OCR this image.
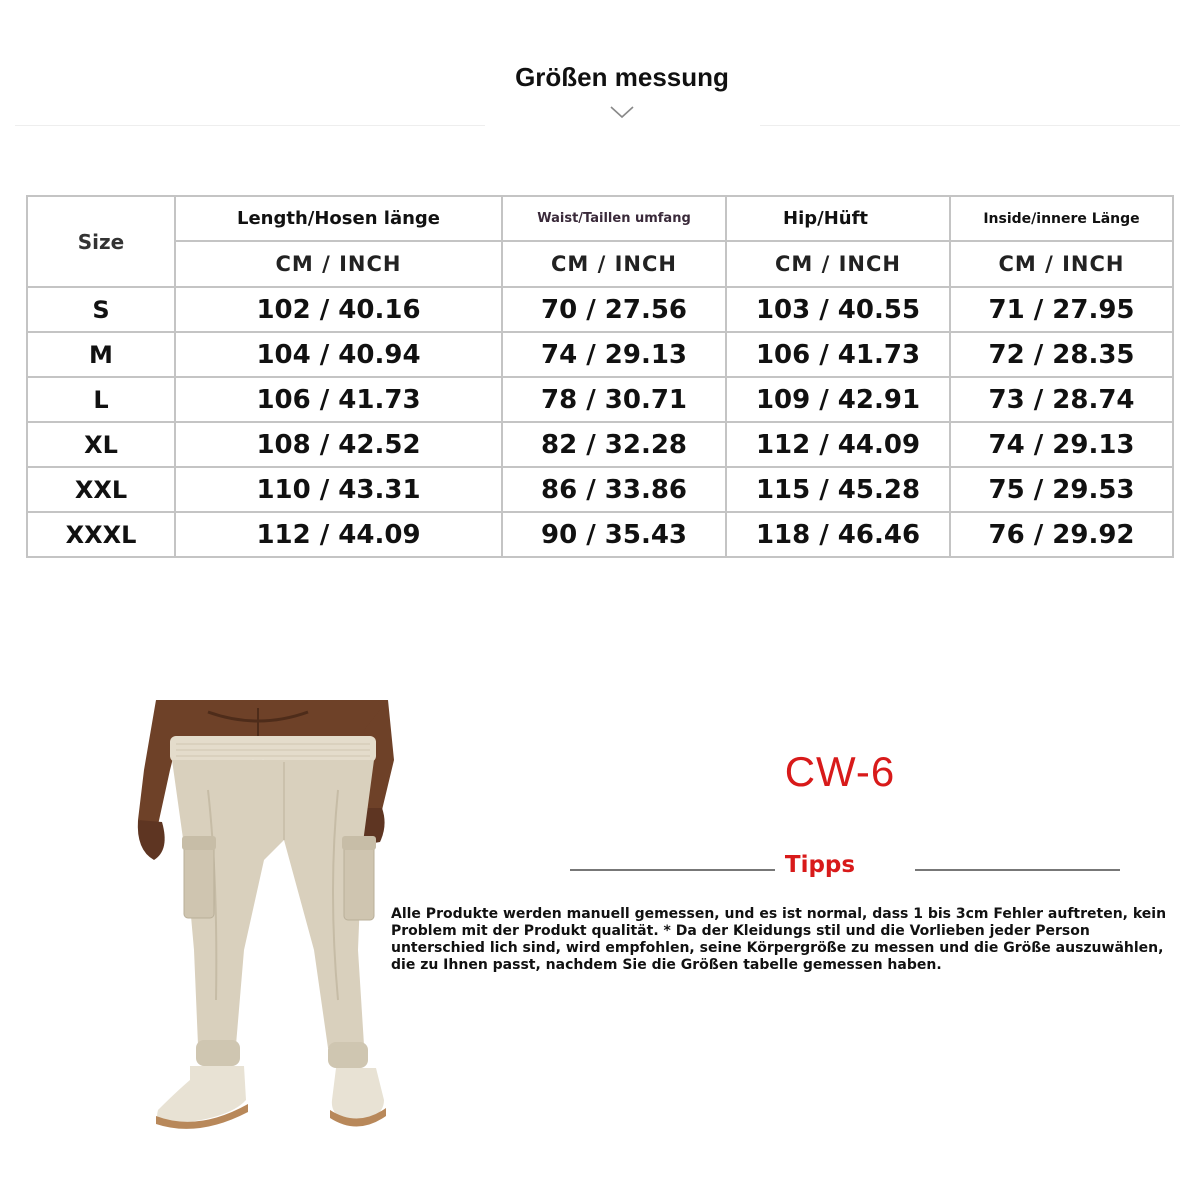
Größen messung
Size	Length/Hosen länge	Waist/Taillen umfang	Hip/Hüft	Inside/innere Länge
	CM / INCH	CM / INCH	CM / INCH	CM / INCH
S	102 / 40.16	70 / 27.56	103 / 40.55	71 / 27.95
M	104 / 40.94	74 / 29.13	106 / 41.73	72 / 28.35
L	106 / 41.73	78 / 30.71	109 / 42.91	73 / 28.74
XL	108 / 42.52	82 / 32.28	112 / 44.09	74 / 29.13
XXL	110 / 43.31	86 / 33.86	115 / 45.28	75 / 29.53
XXXL	112 / 44.09	90 / 35.43	118 / 46.46	76 / 29.92
CW-6
Tipps
Alle Produkte werden manuell gemessen, und es ist normal, dass 1 bis 3cm Fehler auftreten, kein Problem mit der Produkt qualität. * Da der Kleidungs stil und die Vorlieben jeder Person unterschied lich sind, wird empfohlen, seine Körpergröße zu messen und die Größe auszuwählen, die zu Ihnen passt, nachdem Sie die Größen tabelle gemessen haben.
